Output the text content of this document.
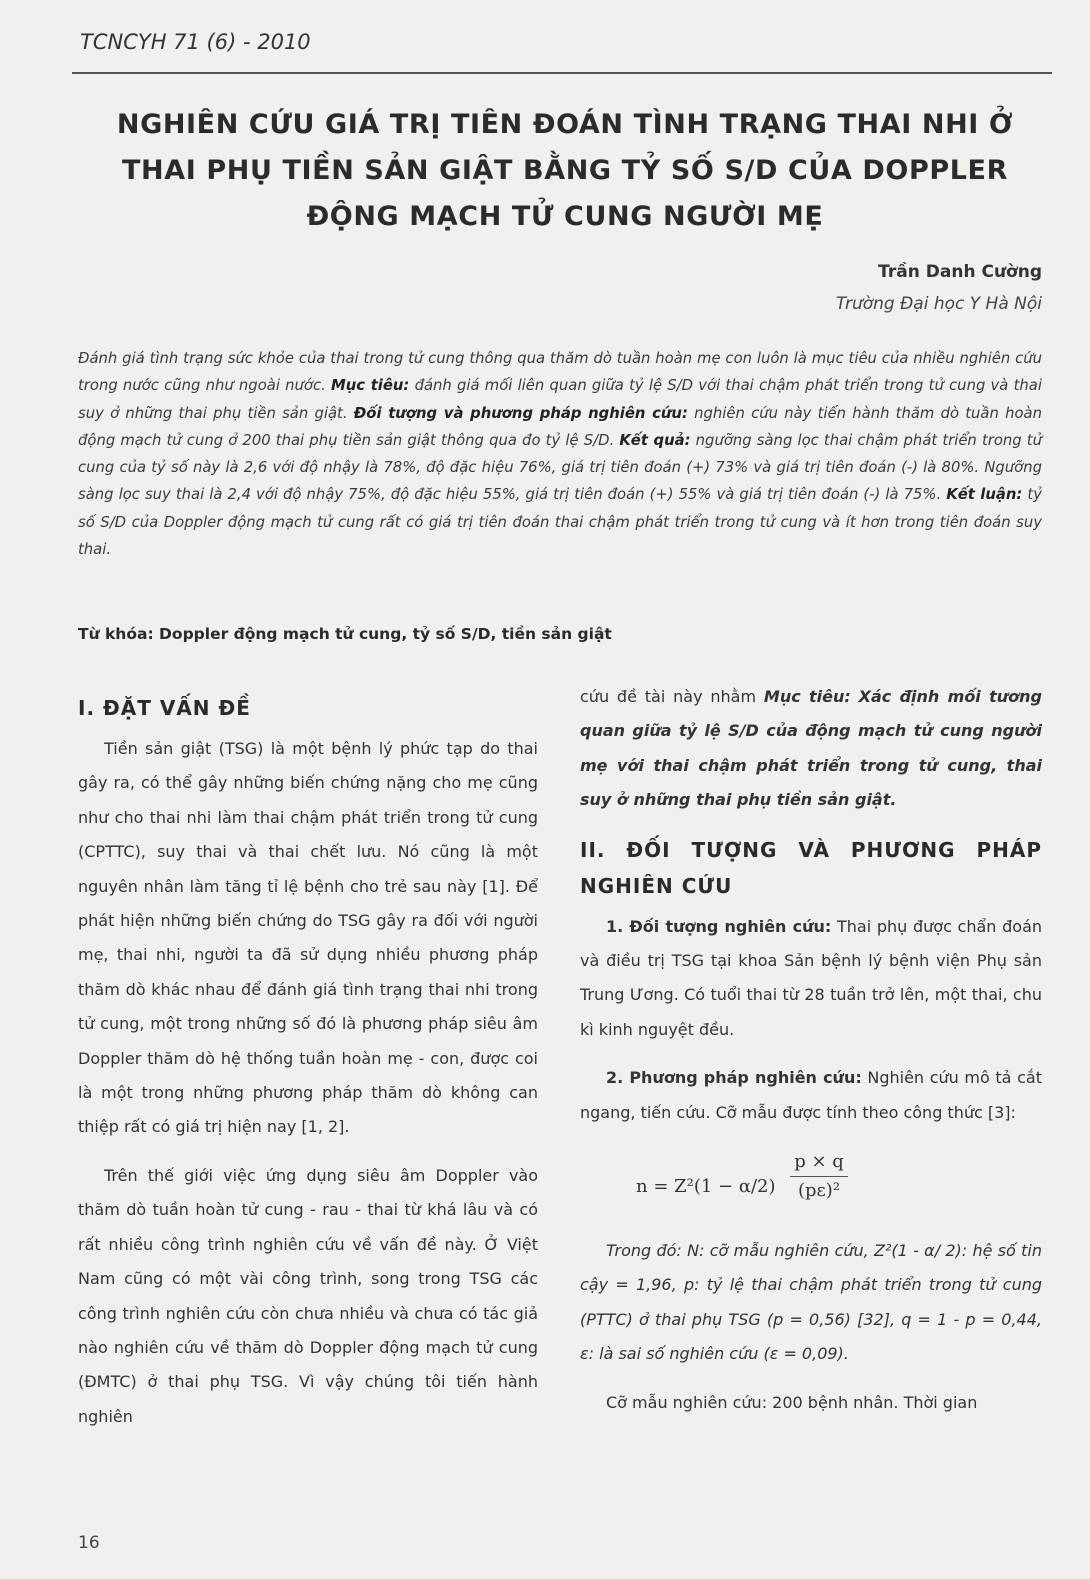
TCNCYH 71 (6) - 2010
NGHIÊN CỨU GIÁ TRỊ TIÊN ĐOÁN TÌNH TRẠNG THAI NHI Ở
THAI PHỤ TIỀN SẢN GIẬT BẰNG TỶ SỐ S/D CỦA DOPPLER
ĐỘNG MẠCH TỬ CUNG NGƯỜI MẸ
Trần Danh Cường
Trường Đại học Y Hà Nội
Đánh giá tình trạng sức khỏe của thai trong tử cung thông qua thăm dò tuần hoàn mẹ con luôn là mục tiêu của nhiều nghiên cứu trong nước cũng như ngoài nước. Mục tiêu: đánh giá mối liên quan giữa tỷ lệ S/D với thai chậm phát triển trong tử cung và thai suy ở những thai phụ tiền sản giật. Đối tượng và phương pháp nghiên cứu: nghiên cứu này tiến hành thăm dò tuần hoàn động mạch tử cung ở 200 thai phụ tiền sản giật thông qua đo tỷ lệ S/D. Kết quả: ngưỡng sàng lọc thai chậm phát triển trong tử cung của tỷ số này là 2,6 với độ nhậy là 78%, độ đặc hiệu 76%, giá trị tiên đoán (+) 73% và giá trị tiên đoán (-) là 80%. Ngưỡng sàng lọc suy thai là 2,4 với độ nhậy 75%, độ đặc hiệu 55%, giá trị tiên đoán (+) 55% và giá trị tiên đoán (-) là 75%. Kết luận: tỷ số S/D của Doppler động mạch tử cung rất có giá trị tiên đoán thai chậm phát triển trong tử cung và ít hơn trong tiên đoán suy thai.
Từ khóa: Doppler động mạch tử cung, tỷ số S/D, tiền sản giật
I. ĐẶT VẤN ĐỀ

Tiền sản giật (TSG) là một bệnh lý phức tạp do thai gây ra, có thể gây những biến chứng nặng cho mẹ cũng như cho thai nhi làm thai chậm phát triển trong tử cung (CPTTC), suy thai và thai chết lưu. Nó cũng là một nguyên nhân làm tăng tỉ lệ bệnh cho trẻ sau này [1]. Để phát hiện những biến chứng do TSG gây ra đối với người mẹ, thai nhi, người ta đã sử dụng nhiều phương pháp thăm dò khác nhau để đánh giá tình trạng thai nhi trong tử cung, một trong những số đó là phương pháp siêu âm Doppler thăm dò hệ thống tuần hoàn mẹ - con, được coi là một trong những phương pháp thăm dò không can thiệp rất có giá trị hiện nay [1, 2].

Trên thế giới việc ứng dụng siêu âm Doppler vào thăm dò tuần hoàn tử cung - rau - thai từ khá lâu và có rất nhiều công trình nghiên cứu về vấn đề này. Ở Việt Nam cũng có một vài công trình, song trong TSG các công trình nghiên cứu còn chưa nhiều và chưa có tác giả nào nghiên cứu về thăm dò Doppler động mạch tử cung (ĐMTC) ở thai phụ TSG. Vì vậy chúng tôi tiến hành nghiên

cứu đề tài này nhằm Mục tiêu: Xác định mối tương quan giữa tỷ lệ S/D của động mạch tử cung người mẹ với thai chậm phát triển trong tử cung, thai suy ở những thai phụ tiền sản giật.

II. ĐỐI TƯỢNG VÀ PHƯƠNG PHÁP NGHIÊN CỨU

1. Đối tượng nghiên cứu: Thai phụ được chẩn đoán và điều trị TSG tại khoa Sản bệnh lý bệnh viện Phụ sản Trung Ương. Có tuổi thai từ 28 tuần trở lên, một thai, chu kì kinh nguyệt đều.

2. Phương pháp nghiên cứu: Nghiên cứu mô tả cắt ngang, tiến cứu. Cỡ mẫu được tính theo công thức [3]:

n = Z²(1 − α/2)
p × q
(pε)²

Trong đó: N: cỡ mẫu nghiên cứu, Z²(1 - α/ 2): hệ số tin cậy = 1,96, p: tỷ lệ thai chậm phát triển trong tử cung (PTTC) ở thai phụ TSG (p = 0,56) [32], q = 1 - p = 0,44, ε: là sai số nghiên cứu (ε = 0,09).

Cỡ mẫu nghiên cứu: 200 bệnh nhân. Thời gian

16
